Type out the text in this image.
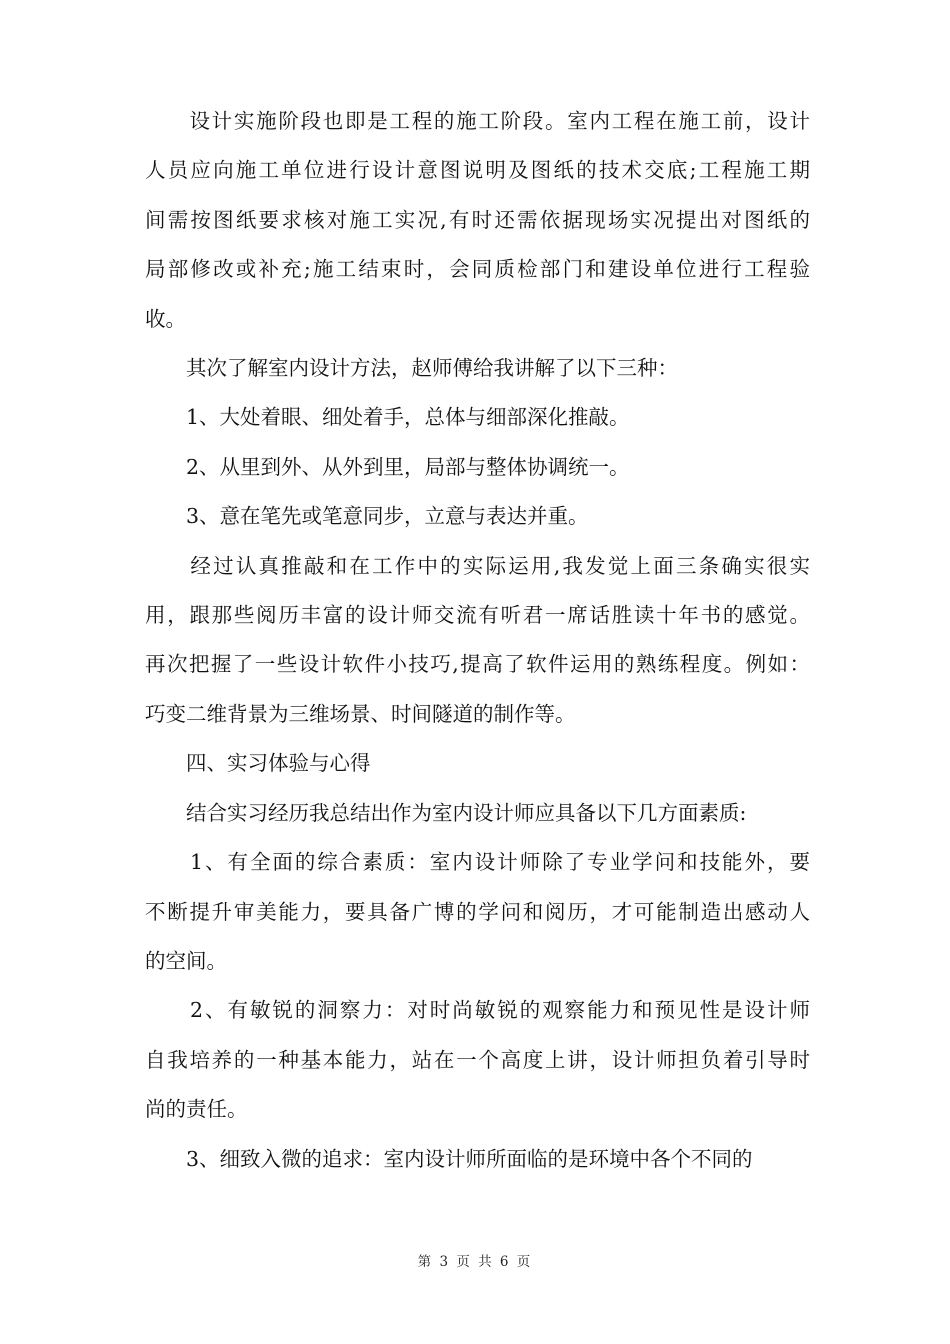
　　设计实施阶段也即是工程的施工阶段。室内工程在施工前，设计
人员应向施工单位进行设计意图说明及图纸的技术交底;工程施工期
间需按图纸要求核对施工实况,有时还需依据现场实况提出对图纸的
局部修改或补充;施工结束时，会同质检部门和建设单位进行工程验
收。
　　其次了解室内设计方法，赵师傅给我讲解了以下三种：
　　1、大处着眼、细处着手，总体与细部深化推敲。
　　2、从里到外、从外到里，局部与整体协调统一。
　　3、意在笔先或笔意同步，立意与表达并重。
　　经过认真推敲和在工作中的实际运用,我发觉上面三条确实很实
用，跟那些阅历丰富的设计师交流有听君一席话胜读十年书的感觉。
再次把握了一些设计软件小技巧,提高了软件运用的熟练程度。例如：
巧变二维背景为三维场景、时间隧道的制作等。
　　四、实习体验与心得
　　结合实习经历我总结出作为室内设计师应具备以下几方面素质:
　　1、有全面的综合素质：室内设计师除了专业学问和技能外，要
不断提升审美能力，要具备广博的学问和阅历，才可能制造出感动人
的空间。
　　2、有敏锐的洞察力：对时尚敏锐的观察能力和预见性是设计师
自我培养的一种基本能力，站在一个高度上讲，设计师担负着引导时
尚的责任。
　　3、细致入微的追求：室内设计师所面临的是环境中各个不同的
第 3 页 共 6 页
